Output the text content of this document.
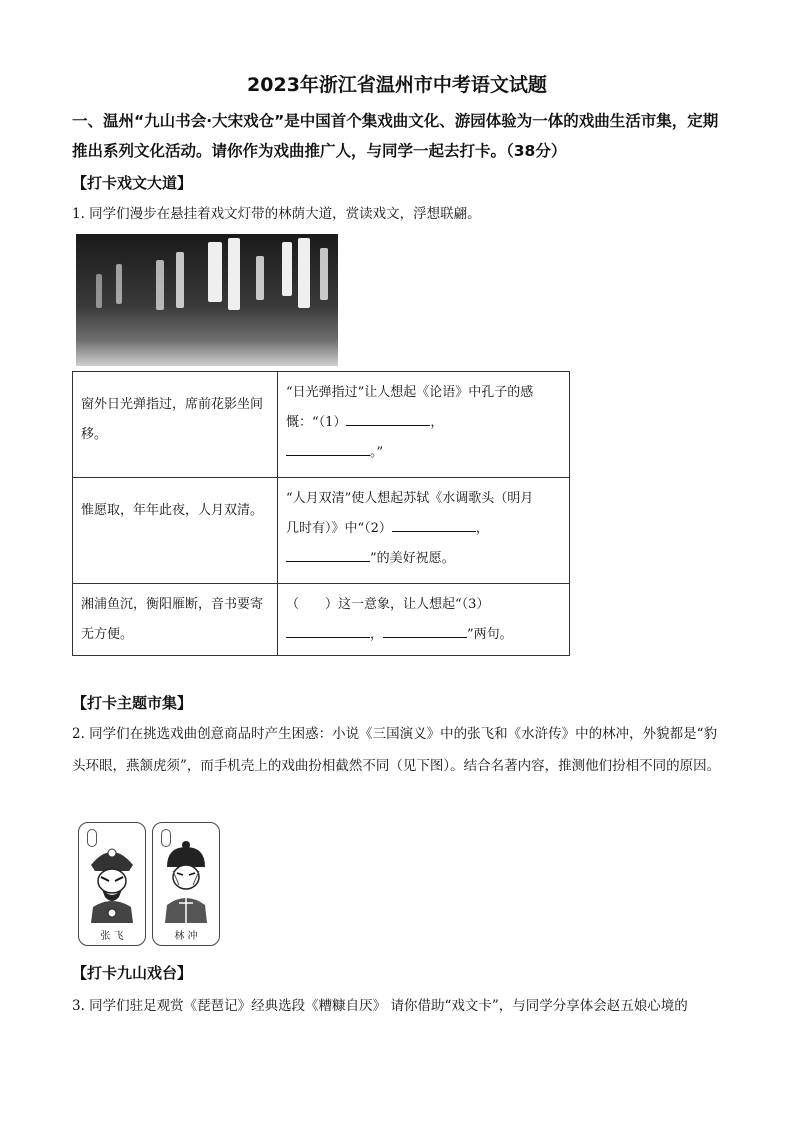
2023年浙江省温州市中考语文试题
一、温州“九山书会·大宋戏仓”是中国首个集戏曲文化、游园体验为一体的戏曲生活市集，定期推出系列文化活动。请你作为戏曲推广人，与同学一起去打卡。（38分）
【打卡戏文大道】
1. 同学们漫步在悬挂着戏文灯带的林荫大道，赏读戏文，浮想联翩。
窗外日光弹指过，席前花影坐间移。	“日光弹指过”让人想起《论语》中孔子的感
慨：“（1） ，
。”

惟愿取，年年此夜，人月双清。	“人月双清”使人想起苏轼《水调歌头（明月
几时有）》中“（2） ，
”的美好祝愿。

湘浦鱼沉，衡阳雁断，音书要寄无方便。	（　　）这一意象，让人想起“（3）
， ”两句。
【打卡主题市集】
2. 同学们在挑选戏曲创意商品时产生困惑：小说《三国演义》中的张飞和《水浒传》中的林冲，外貌都是“豹头环眼，燕颔虎须”，而手机壳上的戏曲扮相截然不同（见下图）。结合名著内容，推测他们扮相不同的原因。
张 飞	林 冲
【打卡九山戏台】
3. 同学们驻足观赏《琵琶记》经典选段《糟糠自厌》 请你借助“戏文卡”，与同学分享体会赵五娘心境的
